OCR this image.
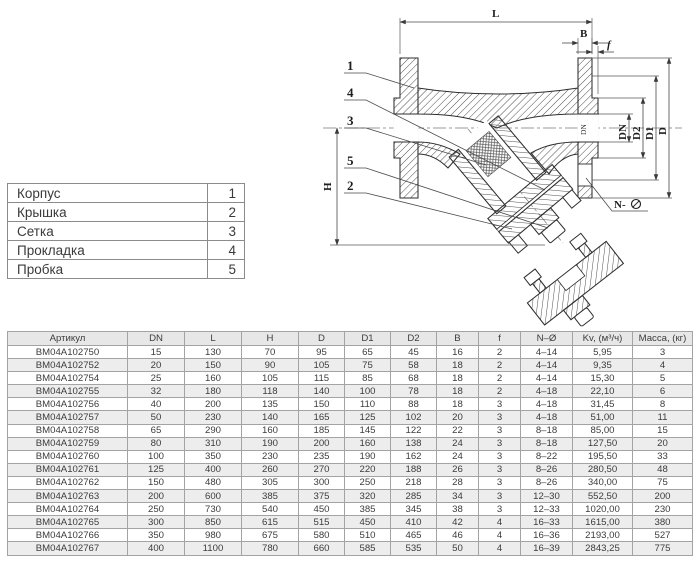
L
B
f
DN D2 D1 D
DN
H
N-
1
4
3
5
2
Корпус	1
Крышка	2
Сетка	3
Прокладка	4
Пробка	5
Артикул	DN	L	H	D	D1	D2	B	f	N–Ø	Kv, (м³/ч)	Масса, (кг)
BM04A102750	15	130	70	95	65	45	16	2	4–14	5,95	3
BM04A102752	20	150	90	105	75	58	18	2	4–14	9,35	4
BM04A102754	25	160	105	115	85	68	18	2	4–14	15,30	5
BM04A102755	32	180	118	140	100	78	18	2	4–18	22,10	6
BM04A102756	40	200	135	150	110	88	18	3	4–18	31,45	8
BM04A102757	50	230	140	165	125	102	20	3	4–18	51,00	11
BM04A102758	65	290	160	185	145	122	22	3	8–18	85,00	15
BM04A102759	80	310	190	200	160	138	24	3	8–18	127,50	20
BM04A102760	100	350	230	235	190	162	24	3	8–22	195,50	33
BM04A102761	125	400	260	270	220	188	26	3	8–26	280,50	48
BM04A102762	150	480	305	300	250	218	28	3	8–26	340,00	75
BM04A102763	200	600	385	375	320	285	34	3	12–30	552,50	200
BM04A102764	250	730	540	450	385	345	38	3	12–33	1020,00	230
BM04A102765	300	850	615	515	450	410	42	4	16–33	1615,00	380
BM04A102766	350	980	675	580	510	465	46	4	16–36	2193,00	527
BM04A102767	400	1100	780	660	585	535	50	4	16–39	2843,25	775
